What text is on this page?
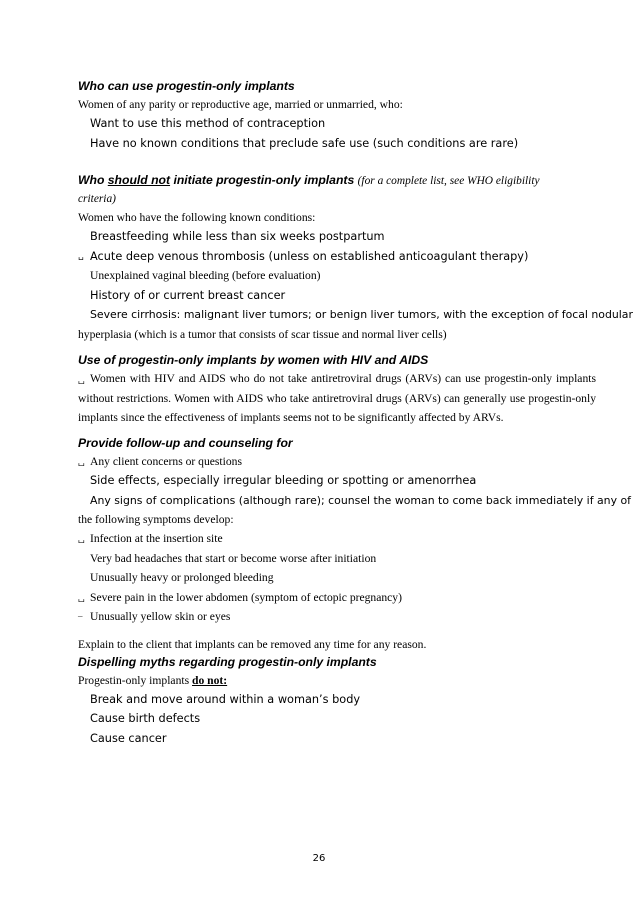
Who can use progestin-only implants

Women of any parity or reproductive age, married or unmarried, who:

Want to use this method of contraception

Have no known conditions that preclude safe use (such conditions are rare)

Who should not initiate progestin-only implants (for a complete list, see WHO eligibility

criteria)

Women who have the following known conditions:

Breastfeeding while less than six weeks postpartum

␣ Acute deep venous thrombosis (unless on established anticoagulant therapy)

Unexplained vaginal bleeding (before evaluation)

History of or current breast cancer

Severe cirrhosis: malignant liver tumors; or benign liver tumors, with the exception of focal nodular

hyperplasia (which is a tumor that consists of scar tissue and normal liver cells)

Use of progestin-only implants by women with HIV and AIDS

␣ Women with HIV and AIDS who do not take antiretroviral drugs (ARVs) can use progestin-only implants without restrictions. Women with AIDS who take antiretroviral drugs (ARVs) can generally use progestin-only implants since the effectiveness of implants seems not to be significantly affected by ARVs.

Provide follow-up and counseling for

␣ Any client concerns or questions

Side effects, especially irregular bleeding or spotting or amenorrhea

Any signs of complications (although rare); counsel the woman to come back immediately if any of

the following symptoms develop:

␣ Infection at the insertion site

Very bad headaches that start or become worse after initiation

Unusually heavy or prolonged bleeding

␣ Severe pain in the lower abdomen (symptom of ectopic pregnancy)

‒ Unusually yellow skin or eyes

Explain to the client that implants can be removed any time for any reason.

Dispelling myths regarding progestin-only implants

Progestin-only implants do not:

Break and move around within a woman’s body

Cause birth defects

Cause cancer

26
